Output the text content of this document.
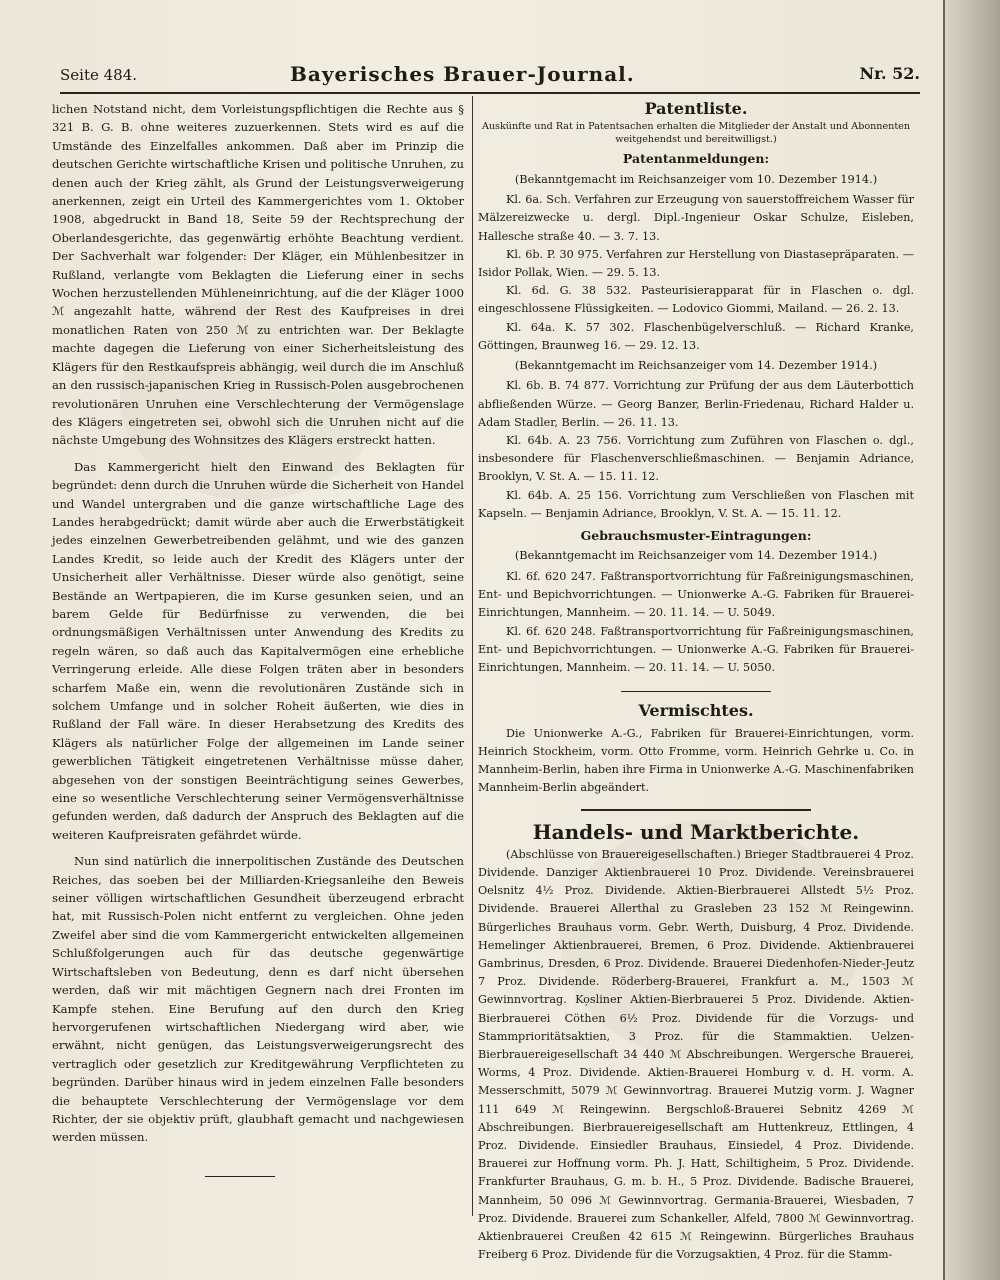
Seite 484.	Bayerisches Brauer-Journal.	Nr. 52.

lichen Notstand nicht, dem Vorleistungspflichtigen die Rechte aus § 321 B. G. B. ohne weiteres zuzuerkennen. Stets wird es auf die Umstände des Einzelfalles ankommen. Daß aber im Prinzip die deutschen Gerichte wirtschaftliche Krisen und politische Unruhen, zu denen auch der Krieg zählt, als Grund der Leistungsverweigerung anerkennen, zeigt ein Urteil des Kammergerichtes vom 1. Oktober 1908, abgedruckt in Band 18, Seite 59 der Rechtsprechung der Oberlandesgerichte, das gegenwärtig erhöhte Beachtung verdient. Der Sachverhalt war folgender: Der Kläger, ein Mühlenbesitzer in Rußland, verlangte vom Beklagten die Lieferung einer in sechs Wochen herzustellenden Mühleneinrichtung, auf die der Kläger 1000 ℳ angezahlt hatte, während der Rest des Kaufpreises in drei monatlichen Raten von 250 ℳ zu entrichten war. Der Beklagte machte dagegen die Lieferung von einer Sicherheitsleistung des Klägers für den Restkaufspreis abhängig, weil durch die im Anschluß an den russisch-japanischen Krieg in Russisch-Polen ausgebrochenen revolutionären Unruhen eine Verschlechterung der Vermögenslage des Klägers eingetreten sei, obwohl sich die Unruhen nicht auf die nächste Umgebung des Wohnsitzes des Klägers erstreckt hatten.

Das Kammergericht hielt den Einwand des Beklagten für begründet: denn durch die Unruhen würde die Sicherheit von Handel und Wandel untergraben und die ganze wirtschaftliche Lage des Landes herabgedrückt; damit würde aber auch die Erwerbstätigkeit jedes einzelnen Gewerbetreibenden gelähmt, und wie des ganzen Landes Kredit, so leide auch der Kredit des Klägers unter der Unsicherheit aller Verhältnisse. Dieser würde also genötigt, seine Bestände an Wertpapieren, die im Kurse gesunken seien, und an barem Gelde für Bedürfnisse zu verwenden, die bei ordnungsmäßigen Verhältnissen unter Anwendung des Kredits zu regeln wären, so daß auch das Kapitalvermögen eine erhebliche Verringerung erleide. Alle diese Folgen träten aber in besonders scharfem Maße ein, wenn die revolutionären Zustände sich in solchem Umfange und in solcher Roheit äußerten, wie dies in Rußland der Fall wäre. In dieser Herabsetzung des Kredits des Klägers als natürlicher Folge der allgemeinen im Lande seiner gewerblichen Tätigkeit eingetretenen Verhältnisse müsse daher, abgesehen von der sonstigen Beeinträchtigung seines Gewerbes, eine so wesentliche Verschlechterung seiner Vermögensverhältnisse gefunden werden, daß dadurch der Anspruch des Beklagten auf die weiteren Kaufpreisraten gefährdet würde.

Nun sind natürlich die innerpolitischen Zustände des Deutschen Reiches, das soeben bei der Milliarden-Kriegsanleihe den Beweis seiner völligen wirtschaftlichen Gesundheit überzeugend erbracht hat, mit Russisch-Polen nicht entfernt zu vergleichen. Ohne jeden Zweifel aber sind die vom Kammergericht entwickelten allgemeinen Schlußfolgerungen auch für das deutsche gegenwärtige Wirtschaftsleben von Bedeutung, denn es darf nicht übersehen werden, daß wir mit mächtigen Gegnern nach drei Fronten im Kampfe stehen. Eine Berufung auf den durch den Krieg hervorgerufenen wirtschaftlichen Niedergang wird aber, wie erwähnt, nicht genügen, das Leistungsverweigerungsrecht des vertraglich oder gesetzlich zur Kreditgewährung Verpflichteten zu begründen. Darüber hinaus wird in jedem einzelnen Falle besonders die behauptete Verschlechterung der Vermögenslage vor dem Richter, der sie objektiv prüft, glaubhaft gemacht und nachgewiesen werden müssen.

Patentliste.
Auskünfte und Rat in Patentsachen erhalten die Mitglieder der Anstalt und Abonnenten weitgehendst und bereitwilligst.)
Patentanmeldungen:
(Bekanntgemacht im Reichsanzeiger vom 10. Dezember 1914.)

Kl. 6a. Sch. Verfahren zur Erzeugung von sauerstoffreichem Wasser für Mälzereizwecke u. dergl. Dipl.-Ingenieur Oskar Schulze, Eisleben, Hallesche straße 40. — 3. 7. 13.

Kl. 6b. P. 30 975. Verfahren zur Herstellung von Diastasepräparaten. — Isidor Pollak, Wien. — 29. 5. 13.

Kl. 6d. G. 38 532. Pasteurisierapparat für in Flaschen o. dgl. eingeschlossene Flüssigkeiten. — Lodovico Giommi, Mailand. — 26. 2. 13.

Kl. 64a. K. 57 302. Flaschenbügelverschluß. — Richard Kranke, Göttingen, Braunweg 16. — 29. 12. 13.

(Bekanntgemacht im Reichsanzeiger vom 14. Dezember 1914.)

Kl. 6b. B. 74 877. Vorrichtung zur Prüfung der aus dem Läuterbottich abfließenden Würze. — Georg Banzer, Berlin-Friedenau, Richard Halder u. Adam Stadler, Berlin. — 26. 11. 13.

Kl. 64b. A. 23 756. Vorrichtung zum Zuführen von Flaschen o. dgl., insbesondere für Flaschenverschließmaschinen. — Benjamin Adriance, Brooklyn, V. St. A. — 15. 11. 12.

Kl. 64b. A. 25 156. Vorrichtung zum Verschließen von Flaschen mit Kapseln. — Benjamin Adriance, Brooklyn, V. St. A. — 15. 11. 12.

Gebrauchsmuster-Eintragungen:
(Bekanntgemacht im Reichsanzeiger vom 14. Dezember 1914.)

Kl. 6f. 620 247. Faßtransportvorrichtung für Faßreinigungsmaschinen, Ent- und Bepichvorrichtungen. — Unionwerke A.-G. Fabriken für Brauerei-Einrichtungen, Mannheim. — 20. 11. 14. — U. 5049.

Kl. 6f. 620 248. Faßtransportvorrichtung für Faßreinigungsmaschinen, Ent- und Bepichvorrichtungen. — Unionwerke A.-G. Fabriken für Brauerei-Einrichtungen, Mannheim. — 20. 11. 14. — U. 5050.

Vermischtes.

Die Unionwerke A.-G., Fabriken für Brauerei-Einrichtungen, vorm. Heinrich Stockheim, vorm. Otto Fromme, vorm. Heinrich Gehrke u. Co. in Mannheim-Berlin, haben ihre Firma in Unionwerke A.-G. Maschinenfabriken Mannheim-Berlin abgeändert.

Handels- und Marktberichte.

(Abschlüsse von Brauereigesellschaften.) Brieger Stadtbrauerei 4 Proz. Dividende. Danziger Aktienbrauerei 10 Proz. Dividende. Vereinsbrauerei Oelsnitz 4½ Proz. Dividende. Aktien-Bierbrauerei Allstedt 5½ Proz. Dividende. Brauerei Allerthal zu Grasleben 23 152 ℳ Reingewinn. Bürgerliches Brauhaus vorm. Gebr. Werth, Duisburg, 4 Proz. Dividende. Hemelinger Aktienbrauerei, Bremen, 6 Proz. Dividende. Aktienbrauerei Gambrinus, Dresden, 6 Proz. Dividende. Brauerei Diedenhofen-Nieder-Jeutz 7 Proz. Dividende. Röderberg-Brauerei, Frankfurt a. M., 1503 ℳ Gewinnvortrag. Ko̦sliner Aktien-Bierbrauerei 5 Proz. Dividende. Aktien-Bierbrauerei Cöthen 6½ Proz. Dividende für die Vorzugs- und Stammprioritätsaktien, 3 Proz. für die Stammaktien. Uelzen-Bierbrauereigesellschaft 34 440 ℳ Abschreibungen. Wergersche Brauerei, Worms, 4 Proz. Dividende. Aktien-Brauerei Homburg v. d. H. vorm. A. Messerschmitt, 5079 ℳ Gewinnvortrag. Brauerei Mutzig vorm. J. Wagner 111 649 ℳ Reingewinn. Bergschloß-Brauerei Sebnitz 4269 ℳ Abschreibungen. Bierbrauereigesellschaft am Huttenkreuz, Ettlingen, 4 Proz. Dividende. Einsiedler Brauhaus, Einsiedel, 4 Proz. Dividende. Brauerei zur Hoffnung vorm. Ph. J. Hatt, Schiltigheim, 5 Proz. Dividende. Frankfurter Brauhaus, G. m. b. H., 5 Proz. Dividende. Badische Brauerei, Mannheim, 50 096 ℳ Gewinnvortrag. Germania-Brauerei, Wiesbaden, 7 Proz. Dividende. Brauerei zum Schankeller, Alfeld, 7800 ℳ Gewinnvortrag. Aktienbrauerei Creußen 42 615 ℳ Reingewinn. Bürgerliches Brauhaus Freiberg 6 Proz. Dividende für die Vorzugsaktien, 4 Proz. für die Stamm-
